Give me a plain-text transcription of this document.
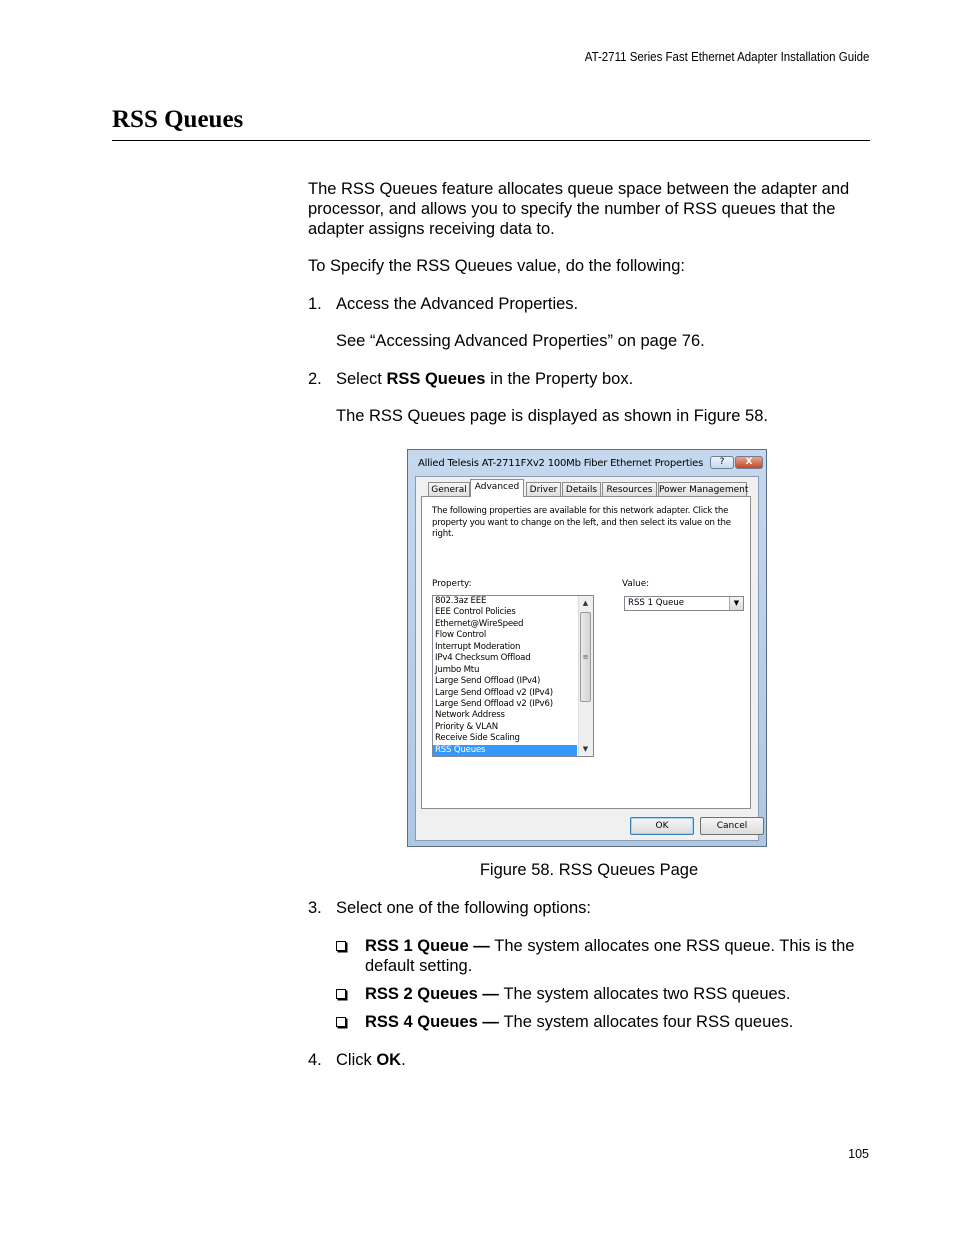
AT-2711 Series Fast Ethernet Adapter Installation Guide
RSS Queues
The RSS Queues feature allocates queue space between the adapter and processor, and allows you to specify the number of RSS queues that the adapter assigns receiving data to.
To Specify the RSS Queues value, do the following:
1. Access the Advanced Properties.
See “Accessing Advanced Properties” on page 76.
2. Select RSS Queues in the Property box.
The RSS Queues page is displayed as shown in Figure 58.
Allied Telesis AT-2711FXv2 100Mb Fiber Ethernet Properties	?	X
General Advanced	Driver Details	Resources Power Management
The following properties are available for this network adapter. Click the property you want to change on the left, and then select its value on the right.
Property:	Value:
802.3az EEE
EEE Control Policies
Ethernet@WireSpeed
Flow Control
Interrupt Moderation
IPv4 Checksum Offload
Jumbo Mtu
Large Send Offload (IPv4)
Large Send Offload v2 (IPv4)
Large Send Offload v2 (IPv6)
Network Address
Priority & VLAN
Receive Side Scaling
RSS Queues
▲
≡
▼
RSS 1 Queue	▼
OK	Cancel
Figure 58. RSS Queues Page
3. Select one of the following options:
RSS 1 Queue — The system allocates one RSS queue. This is the default setting.
RSS 2 Queues — The system allocates two RSS queues.
RSS 4 Queues — The system allocates four RSS queues.
4. Click OK.
105
